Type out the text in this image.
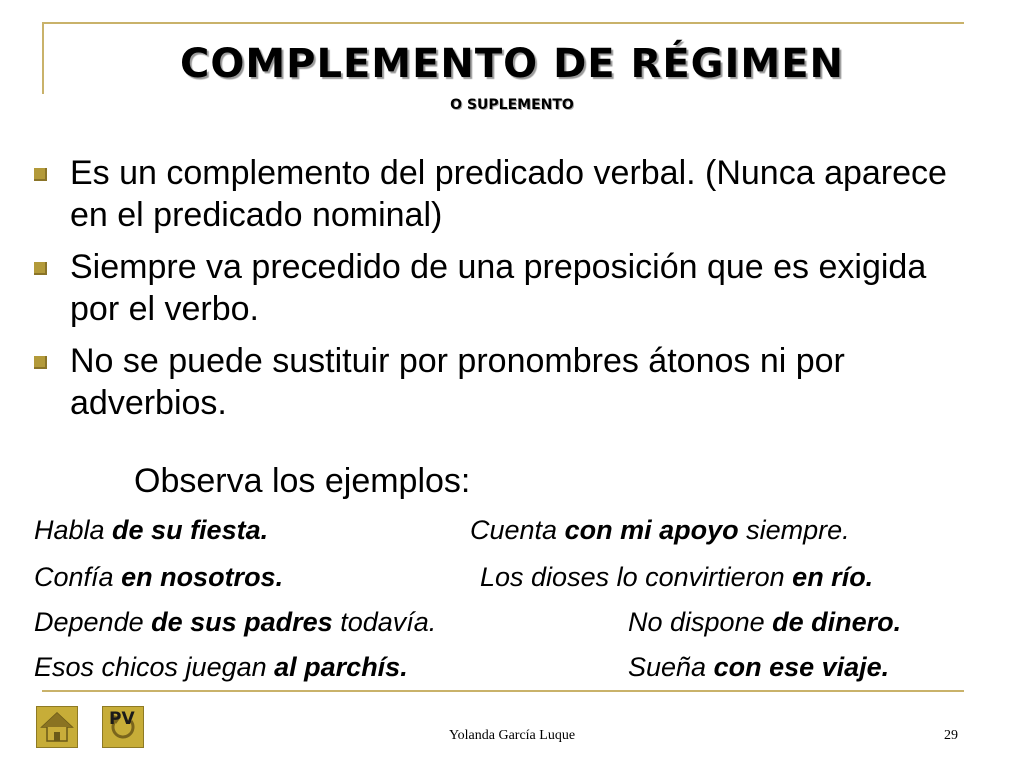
COMPLEMENTO DE RÉGIMEN
O SUPLEMENTO
Es un complemento del predicado verbal. (Nunca aparece en el predicado nominal)
Siempre va precedido de una preposición que es exigida por el verbo.
No se puede sustituir por pronombres átonos ni por adverbios.
Observa los ejemplos:
Habla de su fiesta.	Cuenta con mi apoyo siempre.
Confía en nosotros.	Los dioses lo convirtieron en río.
Depende de sus padres todavía.	No dispone de dinero.
Esos chicos juegan al parchís.	Sueña con ese viaje.
PV
Yolanda García Luque	29
